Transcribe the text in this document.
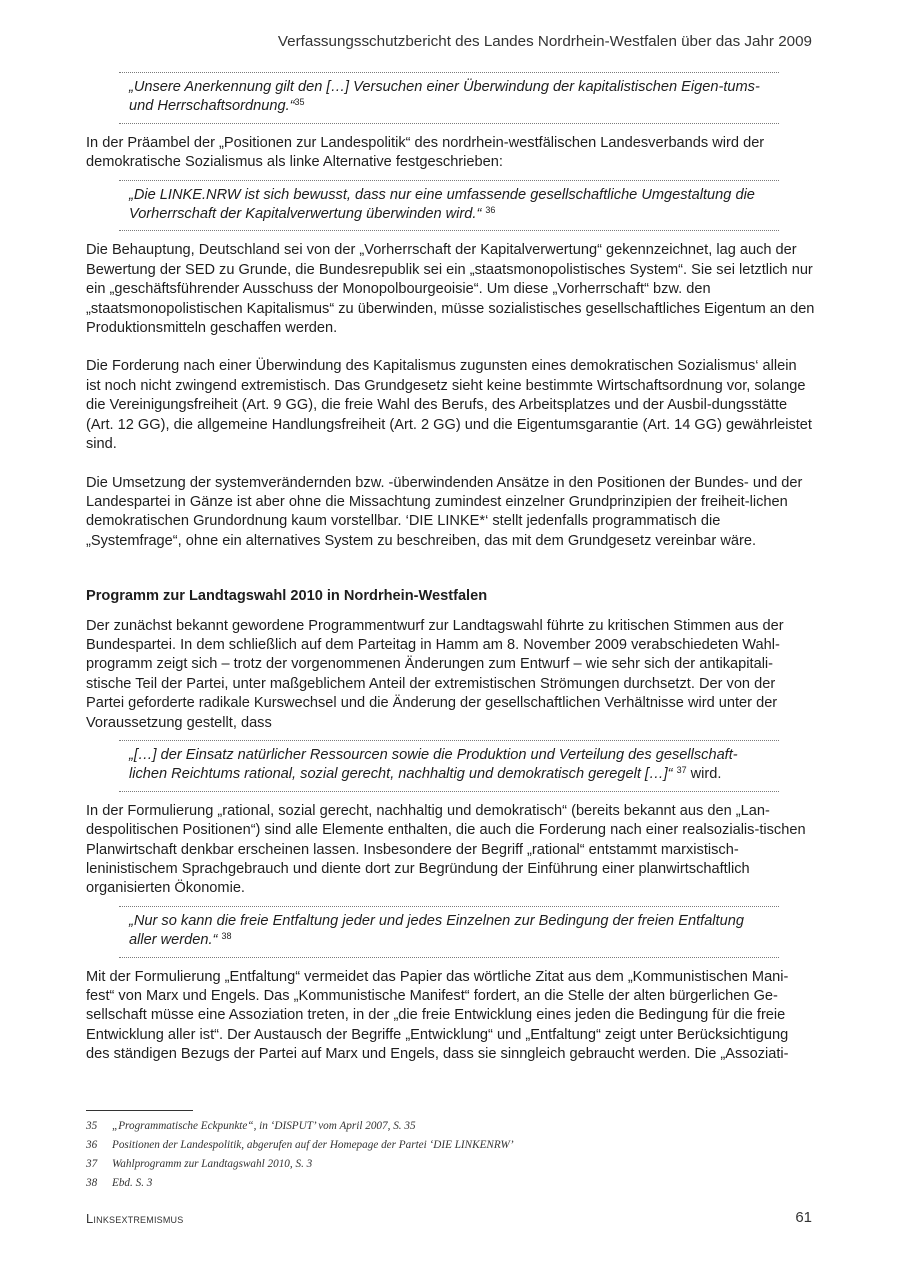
Verfassungsschutzbericht des Landes Nordrhein-Westfalen über das Jahr 2009
„Unsere Anerkennung gilt den […] Versuchen einer Überwindung der kapitalistischen Eigen-tums- und Herrschaftsordnung.“$^{35}$

In der Präambel der „Positionen zur Landespolitik“ des nordrhein-westfälischen Landesverbands wird der demokratische Sozialismus als linke Alternative festgeschrieben:

„Die LINKE.NRW ist sich bewusst, dass nur eine umfassende gesellschaftliche Umgestaltung die Vorherrschaft der Kapitalverwertung überwinden wird.“ $^{36}$

Die Behauptung, Deutschland sei von der „Vorherrschaft der Kapitalverwertung“ gekennzeichnet, lag auch der Bewertung der SED zu Grunde, die Bundesrepublik sei ein „staatsmonopolistisches System“. Sie sei letztlich nur ein „geschäftsführender Ausschuss der Monopolbourgeoisie“. Um diese „Vorherrschaft“ bzw. den „staatsmonopolistischen Kapitalismus“ zu überwinden, müsse sozialistisches gesellschaftliches Eigentum an den Produktionsmitteln geschaffen werden.

Die Forderung nach einer Überwindung des Kapitalismus zugunsten eines demokratischen Sozialismus‘ allein ist noch nicht zwingend extremistisch. Das Grundgesetz sieht keine bestimmte Wirtschaftsordnung vor, solange die Vereinigungsfreiheit (Art. 9 GG), die freie Wahl des Berufs, des Arbeitsplatzes und der Ausbil-dungsstätte (Art. 12 GG), die allgemeine Handlungsfreiheit (Art. 2 GG) und die Eigentumsgarantie (Art. 14 GG) gewährleistet sind.

Die Umsetzung der systemverändernden bzw. -überwindenden Ansätze in den Positionen der Bundes- und der Landespartei in Gänze ist aber ohne die Missachtung zumindest einzelner Grundprinzipien der freiheit-lichen demokratischen Grundordnung kaum vorstellbar. ‘DIE LINKE*‘ stellt jedenfalls programmatisch die „Systemfrage“, ohne ein alternatives System zu beschreiben, das mit dem Grundgesetz vereinbar wäre.

Programm zur Landtagswahl 2010 in Nordrhein-Westfalen

Der zunächst bekannt gewordene Programmentwurf zur Landtagswahl führte zu kritischen Stimmen aus der Bundespartei. In dem schließlich auf dem Parteitag in Hamm am 8. November 2009 verabschiedeten Wahl-programm zeigt sich – trotz der vorgenommenen Änderungen zum Entwurf – wie sehr sich der antikapitali-stische Teil der Partei, unter maßgeblichem Anteil der extremistischen Strömungen durchsetzt. Der von der Partei geforderte radikale Kurswechsel und die Änderung der gesellschaftlichen Verhältnisse wird unter der Voraussetzung gestellt, dass

„[…] der Einsatz natürlicher Ressourcen sowie die Produktion und Verteilung des gesellschaft-lichen Reichtums rational, sozial gerecht, nachhaltig und demokratisch geregelt […]“ $^{37}$ wird.

In der Formulierung „rational, sozial gerecht, nachhaltig und demokratisch“ (bereits bekannt aus den „Lan-despolitischen Positionen“) sind alle Elemente enthalten, die auch die Forderung nach einer realsozialis-tischen Planwirtschaft denkbar erscheinen lassen. Insbesondere der Begriff „rational“ entstammt marxistisch-leninistischem Sprachgebrauch und diente dort zur Begründung der Einführung einer planwirtschaftlich organisierten Ökonomie.

„Nur so kann die freie Entfaltung jeder und jedes Einzelnen zur Bedingung der freien Entfaltung aller werden.“ $^{38}$

Mit der Formulierung „Entfaltung“ vermeidet das Papier das wörtliche Zitat aus dem „Kommunistischen Mani-fest“ von Marx und Engels. Das „Kommunistische Manifest“ fordert, an die Stelle der alten bürgerlichen Ge-sellschaft müsse eine Assoziation treten, in der „die freie Entwicklung eines jeden die Bedingung für die freie Entwicklung aller ist“. Der Austausch der Begriffe „Entwicklung“ und „Entfaltung“ zeigt unter Berücksichtigung des ständigen Bezugs der Partei auf Marx und Engels, dass sie sinngleich gebraucht werden. Die „Assoziati-

35	„Programmatische Eckpunkte“, in ‘DISPUT’ vom April 2007, S. 35
36	Positionen der Landespolitik, abgerufen auf der Homepage der Partei ‘DIE LINKENRW’
37	Wahlprogramm zur Landtagswahl 2010, S. 3
38	Ebd. S. 3
Linksextremismus	61
